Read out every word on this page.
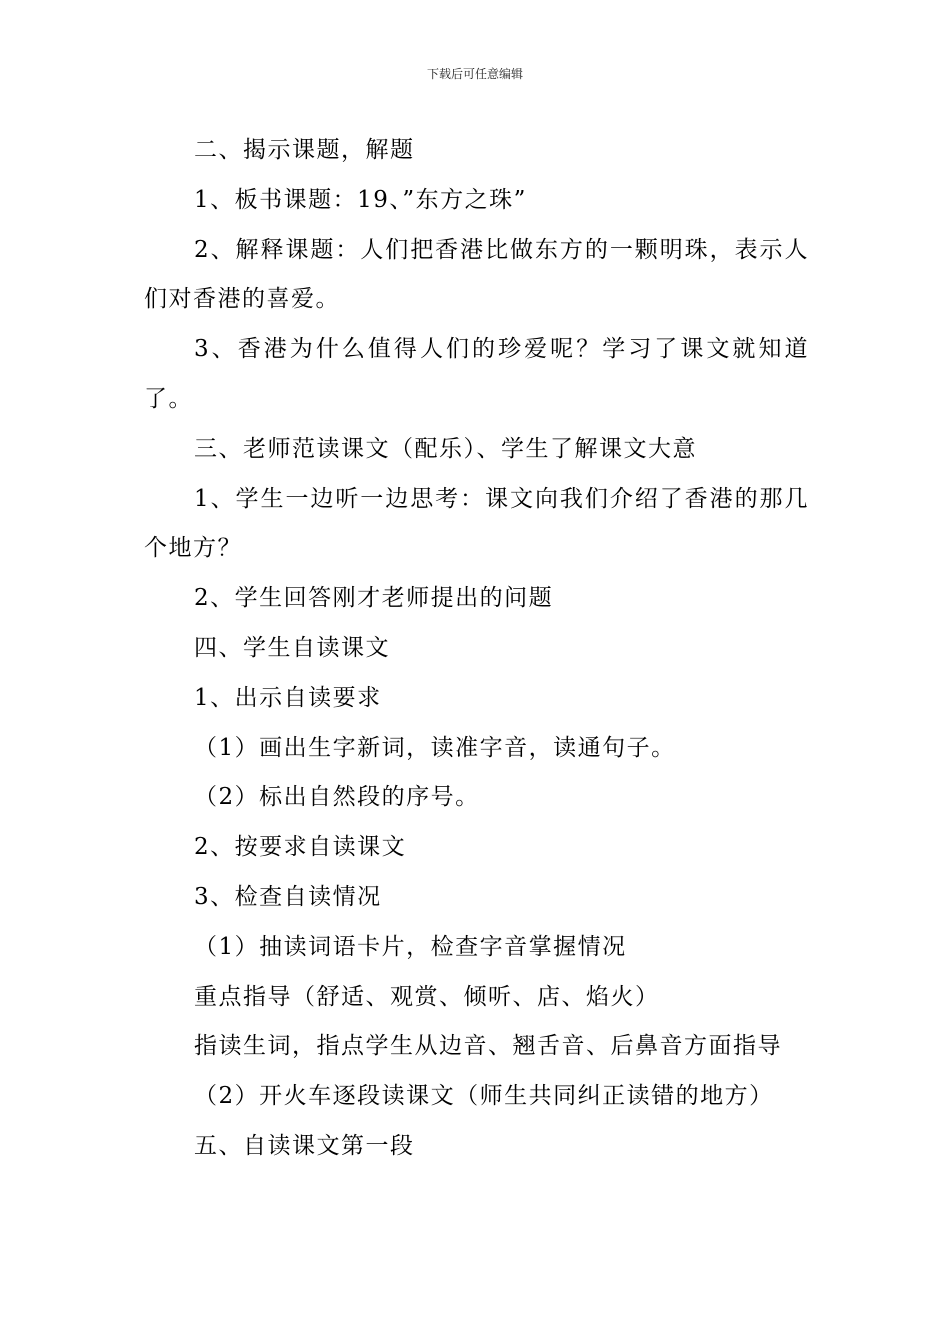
下载后可任意编辑

二、揭示课题，解题

1、板书课题：19、”东方之珠”

2、解释课题：人们把香港比做东方的一颗明珠，表示人们对香港的喜爱。

3、香港为什么值得人们的珍爱呢？学习了课文就知道了。

三、老师范读课文（配乐）、学生了解课文大意

1、学生一边听一边思考：课文向我们介绍了香港的那几个地方？

2、学生回答刚才老师提出的问题

四、学生自读课文

1、出示自读要求

（1）画出生字新词，读准字音，读通句子。

（2）标出自然段的序号。

2、按要求自读课文

3、检查自读情况

（1）抽读词语卡片，检查字音掌握情况

重点指导（舒适、观赏、倾听、店、焰火）

指读生词，指点学生从边音、翘舌音、后鼻音方面指导

（2）开火车逐段读课文（师生共同纠正读错的地方）

五、自读课文第一段
